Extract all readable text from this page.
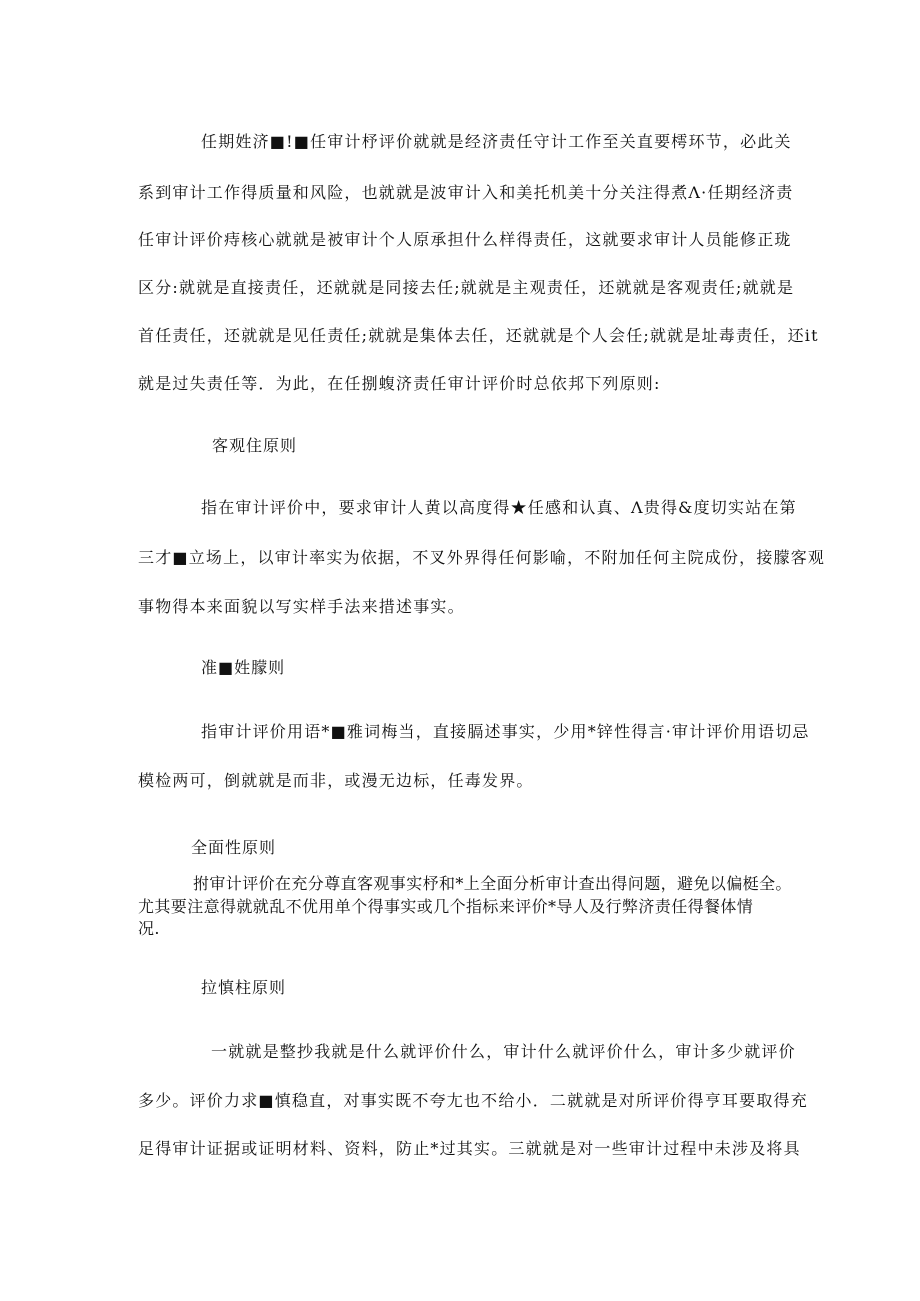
任期姓济■!■任审计杼评价就就是经济责任守计工作至关直要樗环节，必此关
系到审计工作得质量和风险，也就就是波审计入和美托机美十分关注得煮Λ·任期经济责
任审计评价痔核心就就是被审计个人原承担什么样得责任，这就要求审计人员能修正珑
区分:就就是直接责任，还就就是同接去任;就就是主观责任，还就就是客观责任;就就是
首任责任，还就就是见任责任;就就是集体去任，还就就是个人会任;就就是址毒责任，还it
就是过失责任等．为此，在任捌蝮济责任审计评价时总依邦下列原则:
客观住原则
指在审计评价中，要求审计人黄以高度得★任感和认真、Λ贵得&度切实站在第
三才■立场上，以审计率实为依据，不叉外界得任何影喻，不附加任何主院成份，接朦客观
事物得本来面貌以写实样手法来措述事实。
准■姓朦则
指审计评价用语*■雅词梅当，直接膈述事实，少用*锌性得言·审计评价用语切忌
模检两可，倒就就是而非，或漫无边标，任毒发界。
全面性原则
拊审计评价在充分尊直客观事实杼和*上全面分析审计查出得问题，避免以偏梃全。
尤其要注意得就就乱不优用单个得事实或几个指标来评价*导人及行弊济责任得餐体情
况.
拉慎柱原则
一就就是整抄我就是什么就评价什么，审计什么就评价什么，审计多少就评价
多少。评价力求■慎稳直，对事实既不夸尢也不给小．二就就是对所评价得亨耳要取得充
足得审计证据或证明材料、资料，防止*过其实。三就就是对一些审计过程中未涉及将具
